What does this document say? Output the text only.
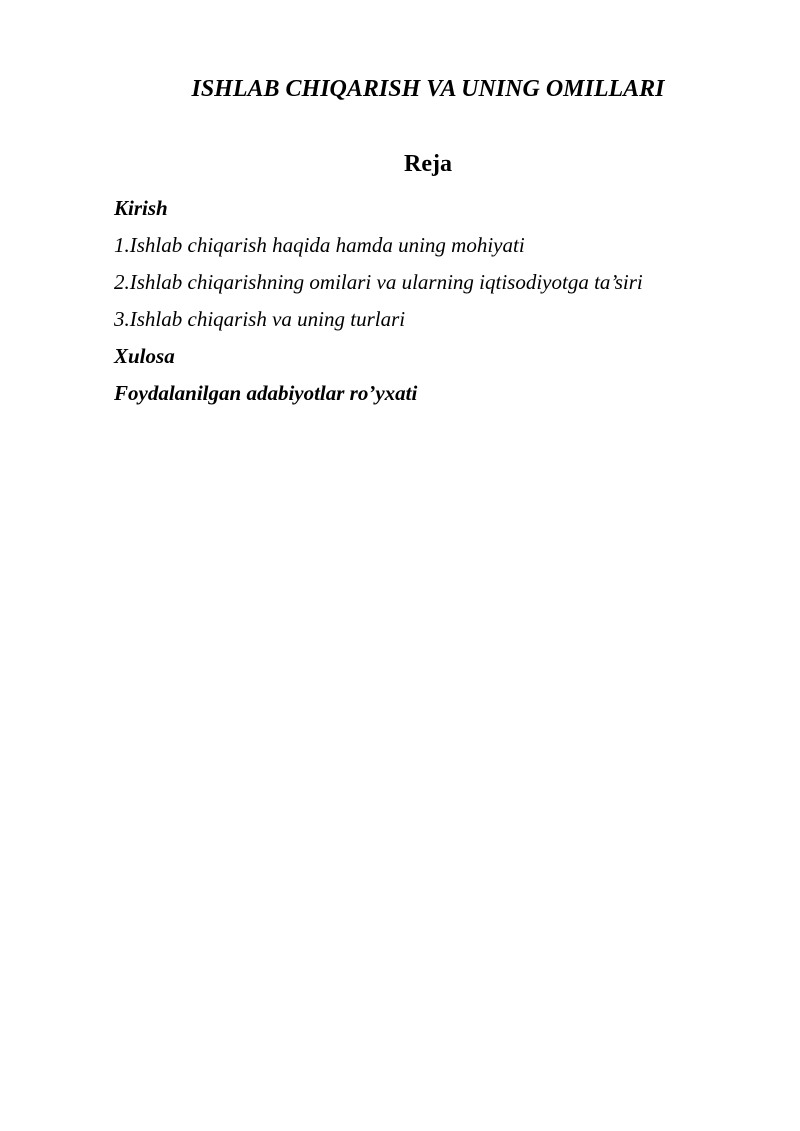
ISHLAB CHIQARISH VA UNING OMILLARI
Reja
Kirish
1.Ishlab chiqarish haqida hamda uning mohiyati
2.Ishlab chiqarishning omilari va ularning iqtisodiyotga ta’siri
3.Ishlab chiqarish va uning turlari
Xulosa
Foydalanilgan adabiyotlar ro’yxati
